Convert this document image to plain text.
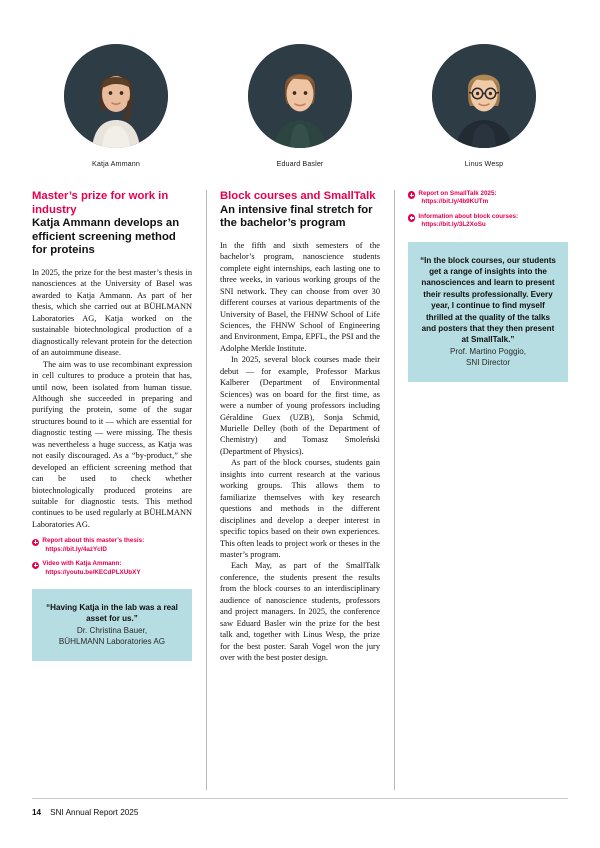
Katja Ammann	Eduard Basler	Linus Wesp
Master’s prize for work in industry
Katja Ammann develops an efficient screening method for proteins

In 2025, the prize for the best master’s thesis in nanosciences at the University of Basel was awarded to Katja Ammann. As part of her thesis, which she carried out at BÜHLMANN Laboratories AG, Katja worked on the sustainable biotechnological production of a diagnostically relevant protein for the detection of an autoimmune disease.

The aim was to use recombinant expression in cell cultures to produce a protein that has, until now, been isolated from human tissue. Although she succeeded in preparing and purifying the protein, some of the sugar structures bound to it — which are essential for diagnostic testing — were missing. The thesis was nevertheless a huge success, as Katja was not easily discouraged. As a “by-product,” she developed an efficient screening method that can be used to check whether biotechnologically produced proteins are suitable for diagnostic tests. This method continues to be used regularly at BÜHLMANN Laboratories AG.

Report about this master’s thesis:
https://bit.ly/4azYclD
Video with Katja Ammann:
https://youtu.be/KECdPLXUbXY

“Having Katja in the lab was a real asset for us.”

Dr. Christina Bauer,

BÜHLMANN Laboratories AG

Block courses and SmallTalk
An intensive final stretch for the bachelor’s program

In the fifth and sixth semesters of the bachelor’s program, nanoscience students complete eight internships, each lasting one to three weeks, in various working groups of the SNI network. They can choose from over 30 different courses at various departments of the University of Basel, the FHNW School of Life Sciences, the FHNW School of Engineering and Environment, Empa, EPFL, the PSI and the Adolphe Merkle Institute.

In 2025, several block courses made their debut — for example, Professor Markus Kalberer (Department of Environmental Sciences) was on board for the first time, as were a number of young professors including Géraldine Guex (UZB), Sonja Schmid, Murielle Delley (both of the Department of Chemistry) and Tomasz Smoleński (Department of Physics).

As part of the block courses, students gain insights into current research at the various working groups. This allows them to familiarize themselves with key research questions and methods in the different disciplines and develop a deeper interest in specific topics based on their own experiences. This often leads to project work or theses in the master’s program.

Each May, as part of the SmallTalk conference, the students present the results from the block courses to an interdisciplinary audience of nanoscience students, professors and project managers. In 2025, the conference saw Eduard Basler win the prize for the best talk and, together with Linus Wesp, the prize for the best poster. Sarah Vogel won the jury over with the best poster design.

Report on SmallTalk 2025:
https://bit.ly/4b9KUTm
Information about block courses:
https://bit.ly/3L2XoSu

“In the block courses, our students get a range of insights into the nanosciences and learn to present their results professionally. Every year, I continue to find myself thrilled at the quality of the talks and posters that they then present at SmallTalk.”

Prof. Martino Poggio,

SNI Director

14 SNI Annual Report 2025
